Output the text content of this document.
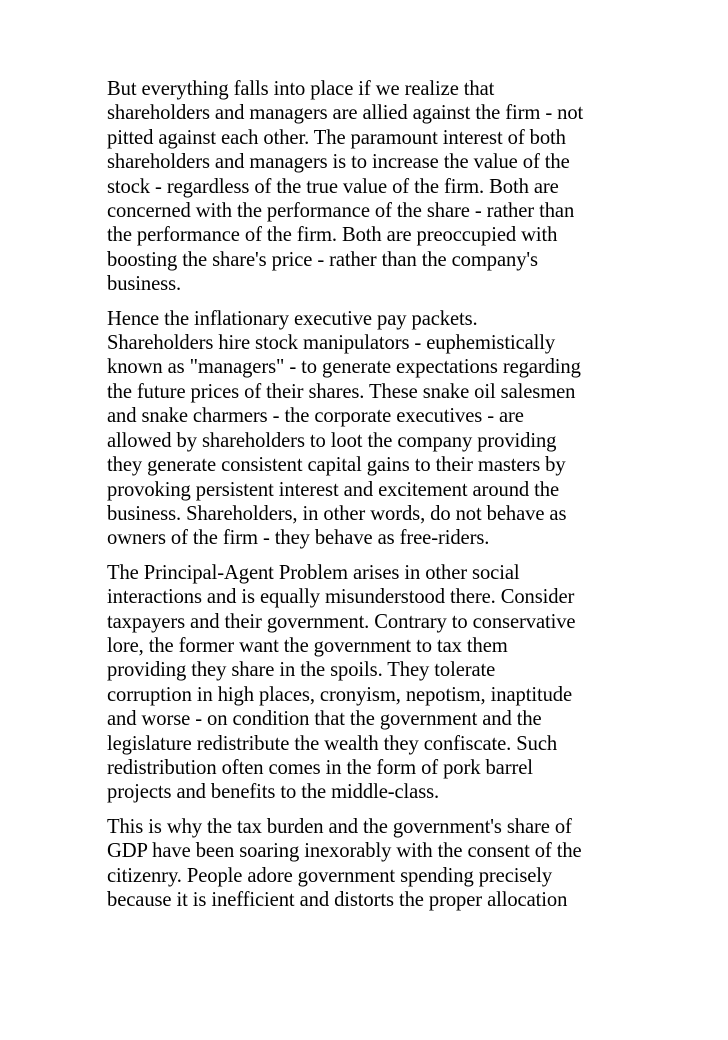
But everything falls into place if we realize that
shareholders and managers are allied against the firm - not
pitted against each other. The paramount interest of both
shareholders and managers is to increase the value of the
stock - regardless of the true value of the firm. Both are
concerned with the performance of the share - rather than
the performance of the firm. Both are preoccupied with
boosting the share's price - rather than the company's
business.

Hence the inflationary executive pay packets.
Shareholders hire stock manipulators - euphemistically
known as "managers" - to generate expectations regarding
the future prices of their shares. These snake oil salesmen
and snake charmers - the corporate executives - are
allowed by shareholders to loot the company providing
they generate consistent capital gains to their masters by
provoking persistent interest and excitement around the
business. Shareholders, in other words, do not behave as
owners of the firm - they behave as free-riders.

The Principal-Agent Problem arises in other social
interactions and is equally misunderstood there. Consider
taxpayers and their government. Contrary to conservative
lore, the former want the government to tax them
providing they share in the spoils. They tolerate
corruption in high places, cronyism, nepotism, inaptitude
and worse - on condition that the government and the
legislature redistribute the wealth they confiscate. Such
redistribution often comes in the form of pork barrel
projects and benefits to the middle-class.

This is why the tax burden and the government's share of
GDP have been soaring inexorably with the consent of the
citizenry. People adore government spending precisely
because it is inefficient and distorts the proper allocation
